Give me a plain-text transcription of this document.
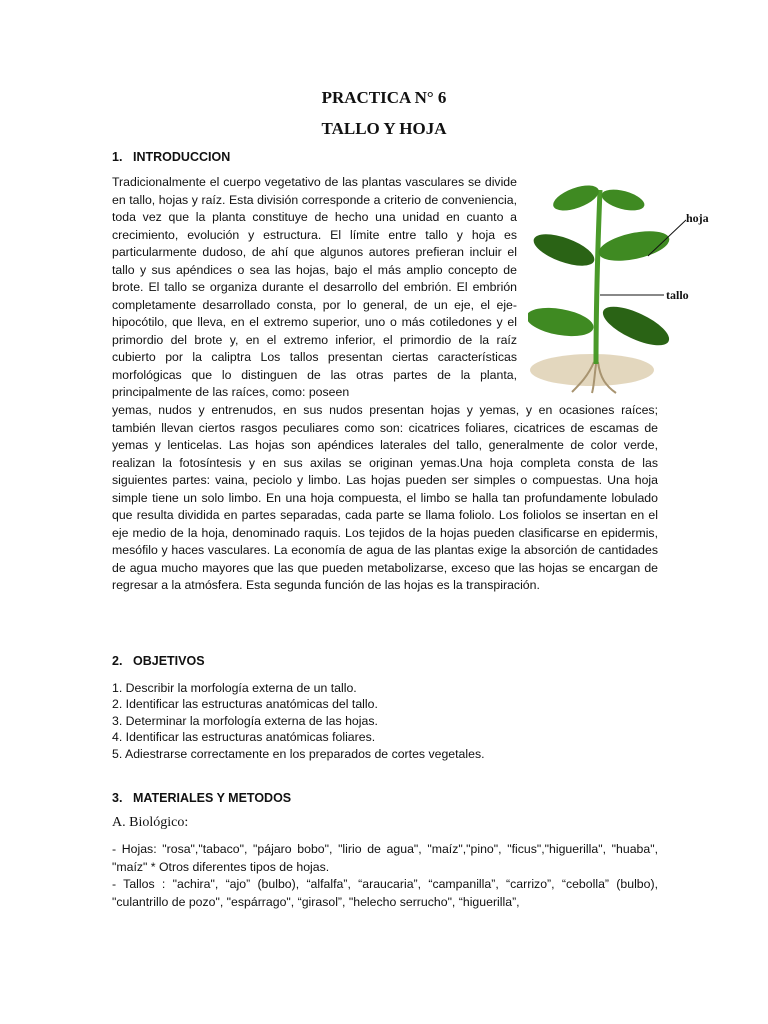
PRACTICA N° 6
TALLO Y HOJA
1. INTRODUCCION
Tradicionalmente el cuerpo vegetativo de las plantas vasculares se divide en tallo, hojas y raíz. Esta división corresponde a criterio de conveniencia, toda vez que la planta constituye de hecho una unidad en cuanto a crecimiento, evolución y estructura. El límite entre tallo y hoja es particularmente dudoso, de ahí que algunos autores prefieran incluir el tallo y sus apéndices o sea las hojas, bajo el más amplio concepto de brote. El tallo se organiza durante el desarrollo del embrión. El embrión completamente desarrollado consta, por lo general, de un eje, el eje-hipocótilo, que lleva, en el extremo superior, uno o más cotiledones y el primordio del brote y, en el extremo inferior, el primordio de la raíz cubierto por la caliptra Los tallos presentan ciertas características morfológicas que lo distinguen de las otras partes de la planta, principalmente de las raíces, como: poseen
hoja
tallo
yemas, nudos y entrenudos, en sus nudos presentan hojas y yemas, y en ocasiones raíces; también llevan ciertos rasgos peculiares como son: cicatrices foliares, cicatrices de escamas de yemas y lenticelas. Las hojas son apéndices laterales del tallo, generalmente de color verde, realizan la fotosíntesis y en sus axilas se originan yemas.Una hoja completa consta de las siguientes partes: vaina, peciolo y limbo. Las hojas pueden ser simples o compuestas. Una hoja simple tiene un solo limbo. En una hoja compuesta, el limbo se halla tan profundamente lobulado que resulta dividida en partes separadas, cada parte se llama foliolo. Los foliolos se insertan en el eje medio de la hoja, denominado raquis. Los tejidos de la hojas pueden clasificarse en epidermis, mesófilo y haces vasculares. La economía de agua de las plantas exige la absorción de cantidades de agua mucho mayores que las que pueden metabolizarse, exceso que las hojas se encargan de regresar a la atmósfera. Esta segunda función de las hojas es la transpiración.
2. OBJETIVOS
1. Describir la morfología externa de un tallo.
2. Identificar las estructuras anatómicas del tallo.
3. Determinar la morfología externa de las hojas.
4. Identificar las estructuras anatómicas foliares.
5. Adiestrarse correctamente en los preparados de cortes vegetales.
3. MATERIALES Y METODOS
A. Biológico:
- Hojas: "rosa","tabaco", "pájaro bobo", "lirio de agua", "maíz","pino", "ficus","higuerilla", "huaba", "maíz" * Otros diferentes tipos de hojas.
- Tallos : "achira", “ajo” (bulbo), “alfalfa”, “araucaria”, “campanilla”, “carrizo”, “cebolla” (bulbo), "culantrillo de pozo", "espárrago", “girasol”, "helecho serrucho", “higuerilla”,
